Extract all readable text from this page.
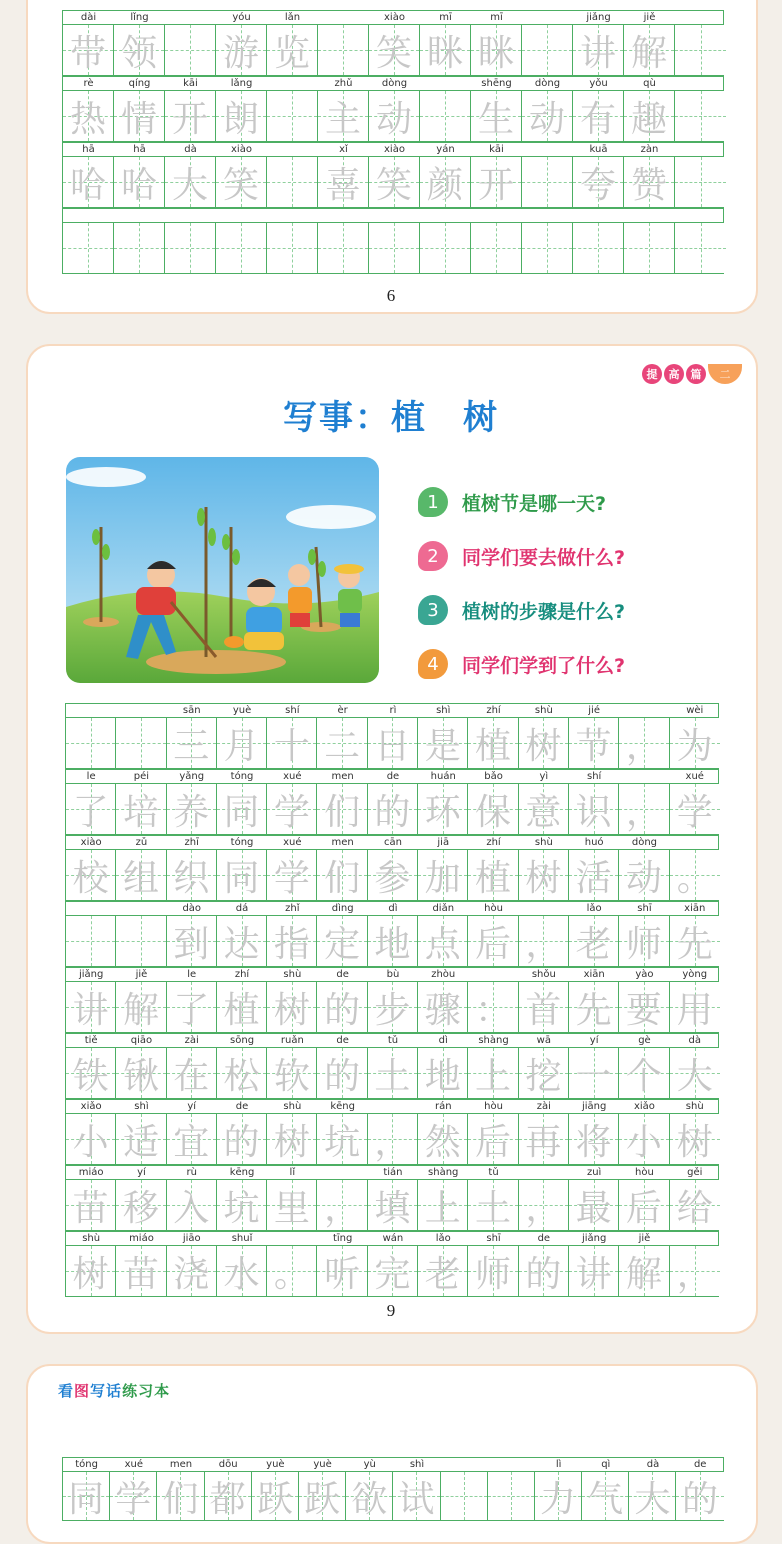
dài	lǐng	yóu	lǎn	xiào	mī	mī	jiǎng	jiě
带 领 游 览 笑 眯 眯 讲 解
rè	qíng	kāi	lǎng	zhǔ	dòng	shēng	dòng	yǒu	qù
热 情 开 朗 主 动 生 动 有 趣
hā	hā	dà	xiào	xǐ	xiào	yán	kāi	kuā	zàn
哈 哈 大 笑 喜 笑 颜 开 夸 赞
6
提	高	篇	二
写事：植　树
1	植树节是哪一天?
2	同学们要去做什么?
3	植树的步骤是什么?
4	同学们学到了什么?
sān	yuè	shí	èr	rì	shì	zhí	shù	jié	wèi
三 月 十 二 日 是 植 树 节 ， 为
le	péi	yǎng	tóng	xué	men	de	huán	bǎo	yì	shí	xué
了 培 养 同 学 们 的 环 保 意 识 ， 学
xiào	zǔ	zhī	tóng	xué	men	cān	jiā	zhí	shù	huó	dòng
校 组 织 同 学 们 参 加 植 树 活 动 。
dào	dá	zhǐ	dìng	dì	diǎn	hòu	lǎo	shī	xiān
到 达 指 定 地 点 后 ， 老 师 先
jiǎng	jiě	le	zhí	shù	de	bù	zhòu	shǒu	xiān	yào	yòng
讲 解 了 植 树 的 步 骤 ： 首 先 要 用
tiě	qiāo	zài	sōng	ruǎn	de	tǔ	dì	shàng	wā	yí	gè	dà
铁 锹 在 松 软 的 土 地 上 挖 一 个 大
xiǎo	shì	yí	de	shù	kēng	rán	hòu	zài	jiāng	xiǎo	shù
小 适 宜 的 树 坑 ， 然 后 再 将 小 树
miáo	yí	rù	kēng	lǐ	tián	shàng	tǔ	zuì	hòu	gěi
苗 移 入 坑 里 ， 填 上 土 ， 最 后 给
shù	miáo	jiāo	shuǐ	tīng	wán	lǎo	shī	de	jiǎng	jiě
树 苗 浇 水 。 听 完 老 师 的 讲 解 ，
9
看 图 写 话 练 习 本
tóng	xué	men	dōu	yuè	yuè	yù	shì	lì	qì	dà	de
同 学 们 都 跃 跃 欲 试	力 气 大 的
